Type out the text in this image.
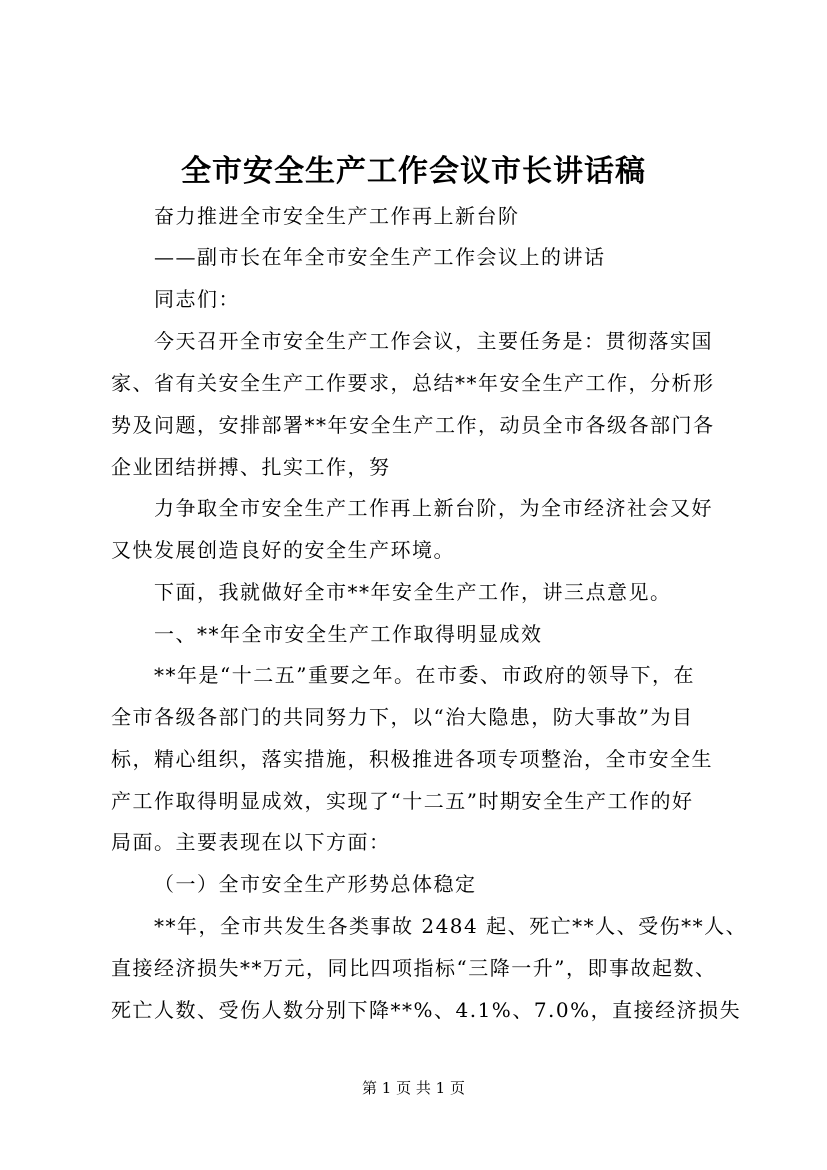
全市安全生产工作会议市长讲话稿
奋力推进全市安全生产工作再上新台阶
——副市长在年全市安全生产工作会议上的讲话
同志们：
今天召开全市安全生产工作会议，主要任务是：贯彻落实国
家、省有关安全生产工作要求，总结**年安全生产工作，分析形
势及问题，安排部署**年安全生产工作，动员全市各级各部门各
企业团结拼搏、扎实工作，努
力争取全市安全生产工作再上新台阶，为全市经济社会又好
又快发展创造良好的安全生产环境。
下面，我就做好全市**年安全生产工作，讲三点意见。
一、**年全市安全生产工作取得明显成效
**年是“十二五”重要之年。在市委、市政府的领导下，在
全市各级各部门的共同努力下，以“治大隐患，防大事故”为目
标，精心组织，落实措施，积极推进各项专项整治，全市安全生
产工作取得明显成效，实现了“十二五”时期安全生产工作的好
局面。主要表现在以下方面：
（一）全市安全生产形势总体稳定
**年，全市共发生各类事故 2484 起、死亡**人、受伤**人、
直接经济损失**万元，同比四项指标“三降一升”，即事故起数、
死亡人数、受伤人数分别下降**%、4.1%、7.0%，直接经济损失
第 1 页 共 1 页
